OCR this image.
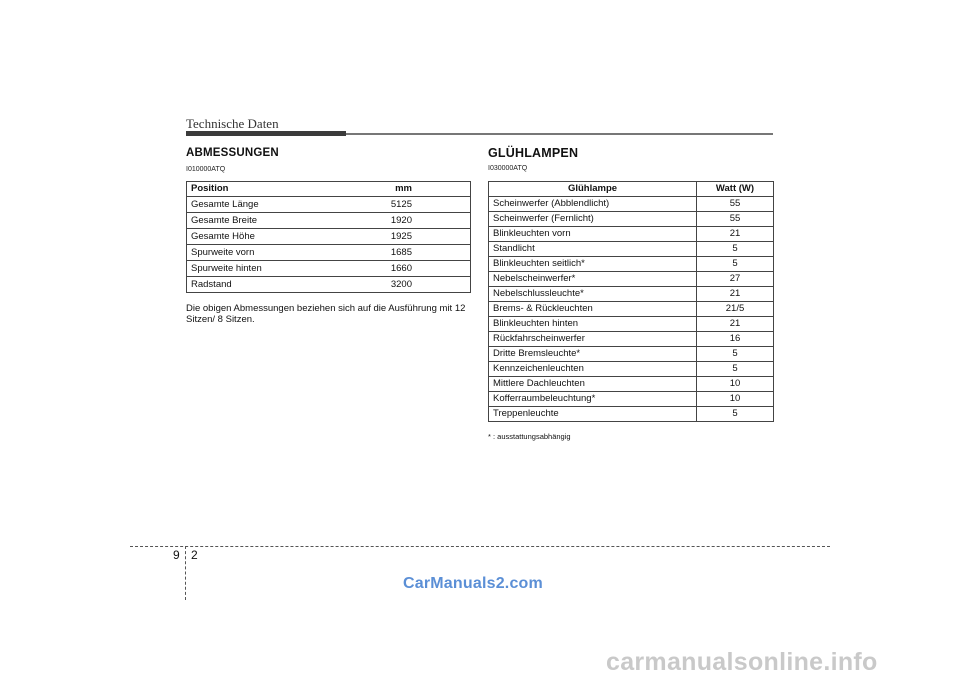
Technische Daten
ABMESSUNGEN
I010000ATQ
Position	mm
Gesamte Länge	5125
Gesamte Breite	1920
Gesamte Höhe	1925
Spurweite vorn	1685
Spurweite hinten	1660
Radstand	3200
Die obigen Abmessungen beziehen sich auf die Ausführung mit 12 Sitzen/ 8 Sitzen.
GLÜHLAMPEN
I030000ATQ
Glühlampe	Watt (W)
Scheinwerfer (Abblendlicht)	55
Scheinwerfer (Fernlicht)	55
Blinkleuchten vorn	21
Standlicht	5
Blinkleuchten seitlich*	5
Nebelscheinwerfer*	27
Nebelschlussleuchte*	21
Brems- & Rückleuchten	21/5
Blinkleuchten hinten	21
Rückfahrscheinwerfer	16
Dritte Bremsleuchte*	5
Kennzeichenleuchten	5
Mittlere Dachleuchten	10
Kofferraumbeleuchtung*	10
Treppenleuchte	5
* : ausstattungsabhängig
9 2
CarManuals2.com
carmanualsonline.info
